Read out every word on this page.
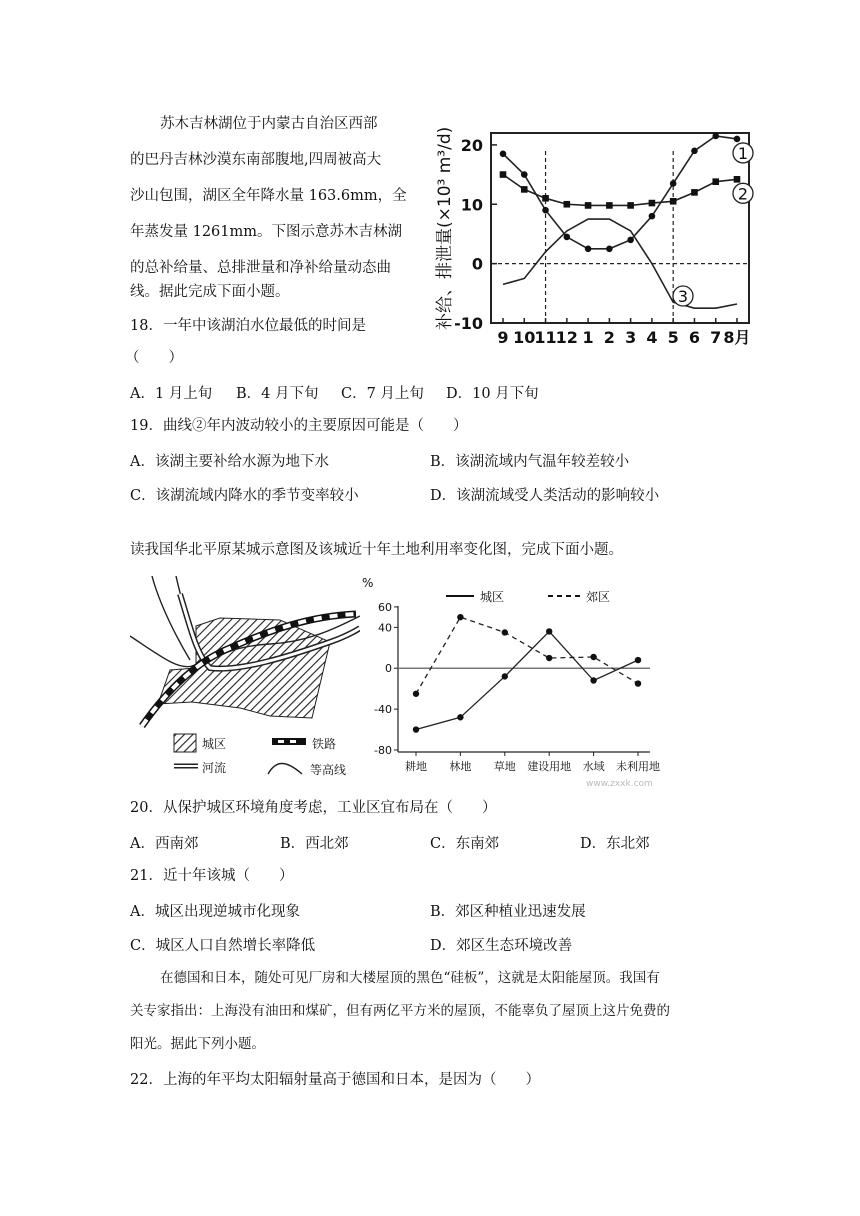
苏木吉林湖位于内蒙古自治区西部
的巴丹吉林沙漠东南部腹地,四周被高大
沙山包围，湖区全年降水量 163.6mm，全
年蒸发量 1261mm。下图示意苏木吉林湖
的总补给量、总排泄量和净补给量动态曲
线。据此完成下面小题。	补给、排泄量(×10³ m³/d) 20
10
0
-10
9 10 11 12 1 2 3 4 5 6 7 8月
1
2
3
18．一年中该湖泊水位最低的时间是
（　　）
A．1 月上旬 B．4 月下旬 C．7 月上旬 D．10 月下旬
19．曲线②年内波动较小的主要原因可能是（　　）
A．该湖主要补给水源为地下水	B．该湖流域内气温年较差较小
C．该湖流域内降水的季节变率较小	D．该湖流域受人类活动的影响较小
读我国华北平原某城示意图及该城近十年土地利用率变化图，完成下面小题。
城区	铁路
河流	等高线
%
城区	郊区
60
40
0
-40
-80
耕地 林地 草地 建设用地 水域 未利用地
www.zxxk.com
20．从保护城区环境角度考虑，工业区宜布局在（　　）
A．西南郊	B．西北郊	C．东南郊	D．东北郊
21．近十年该城（　　）
A．城区出现逆城市化现象	B．郊区种植业迅速发展
C．城区人口自然增长率降低	D．郊区生态环境改善
在德国和日本，随处可见厂房和大楼屋顶的黑色“硅板”，这就是太阳能屋顶。我国有
关专家指出：上海没有油田和煤矿，但有两亿平方米的屋顶，不能辜负了屋顶上这片免费的
阳光。据此下列小题。
22．上海的年平均太阳辐射量高于德国和日本，是因为（　　）
